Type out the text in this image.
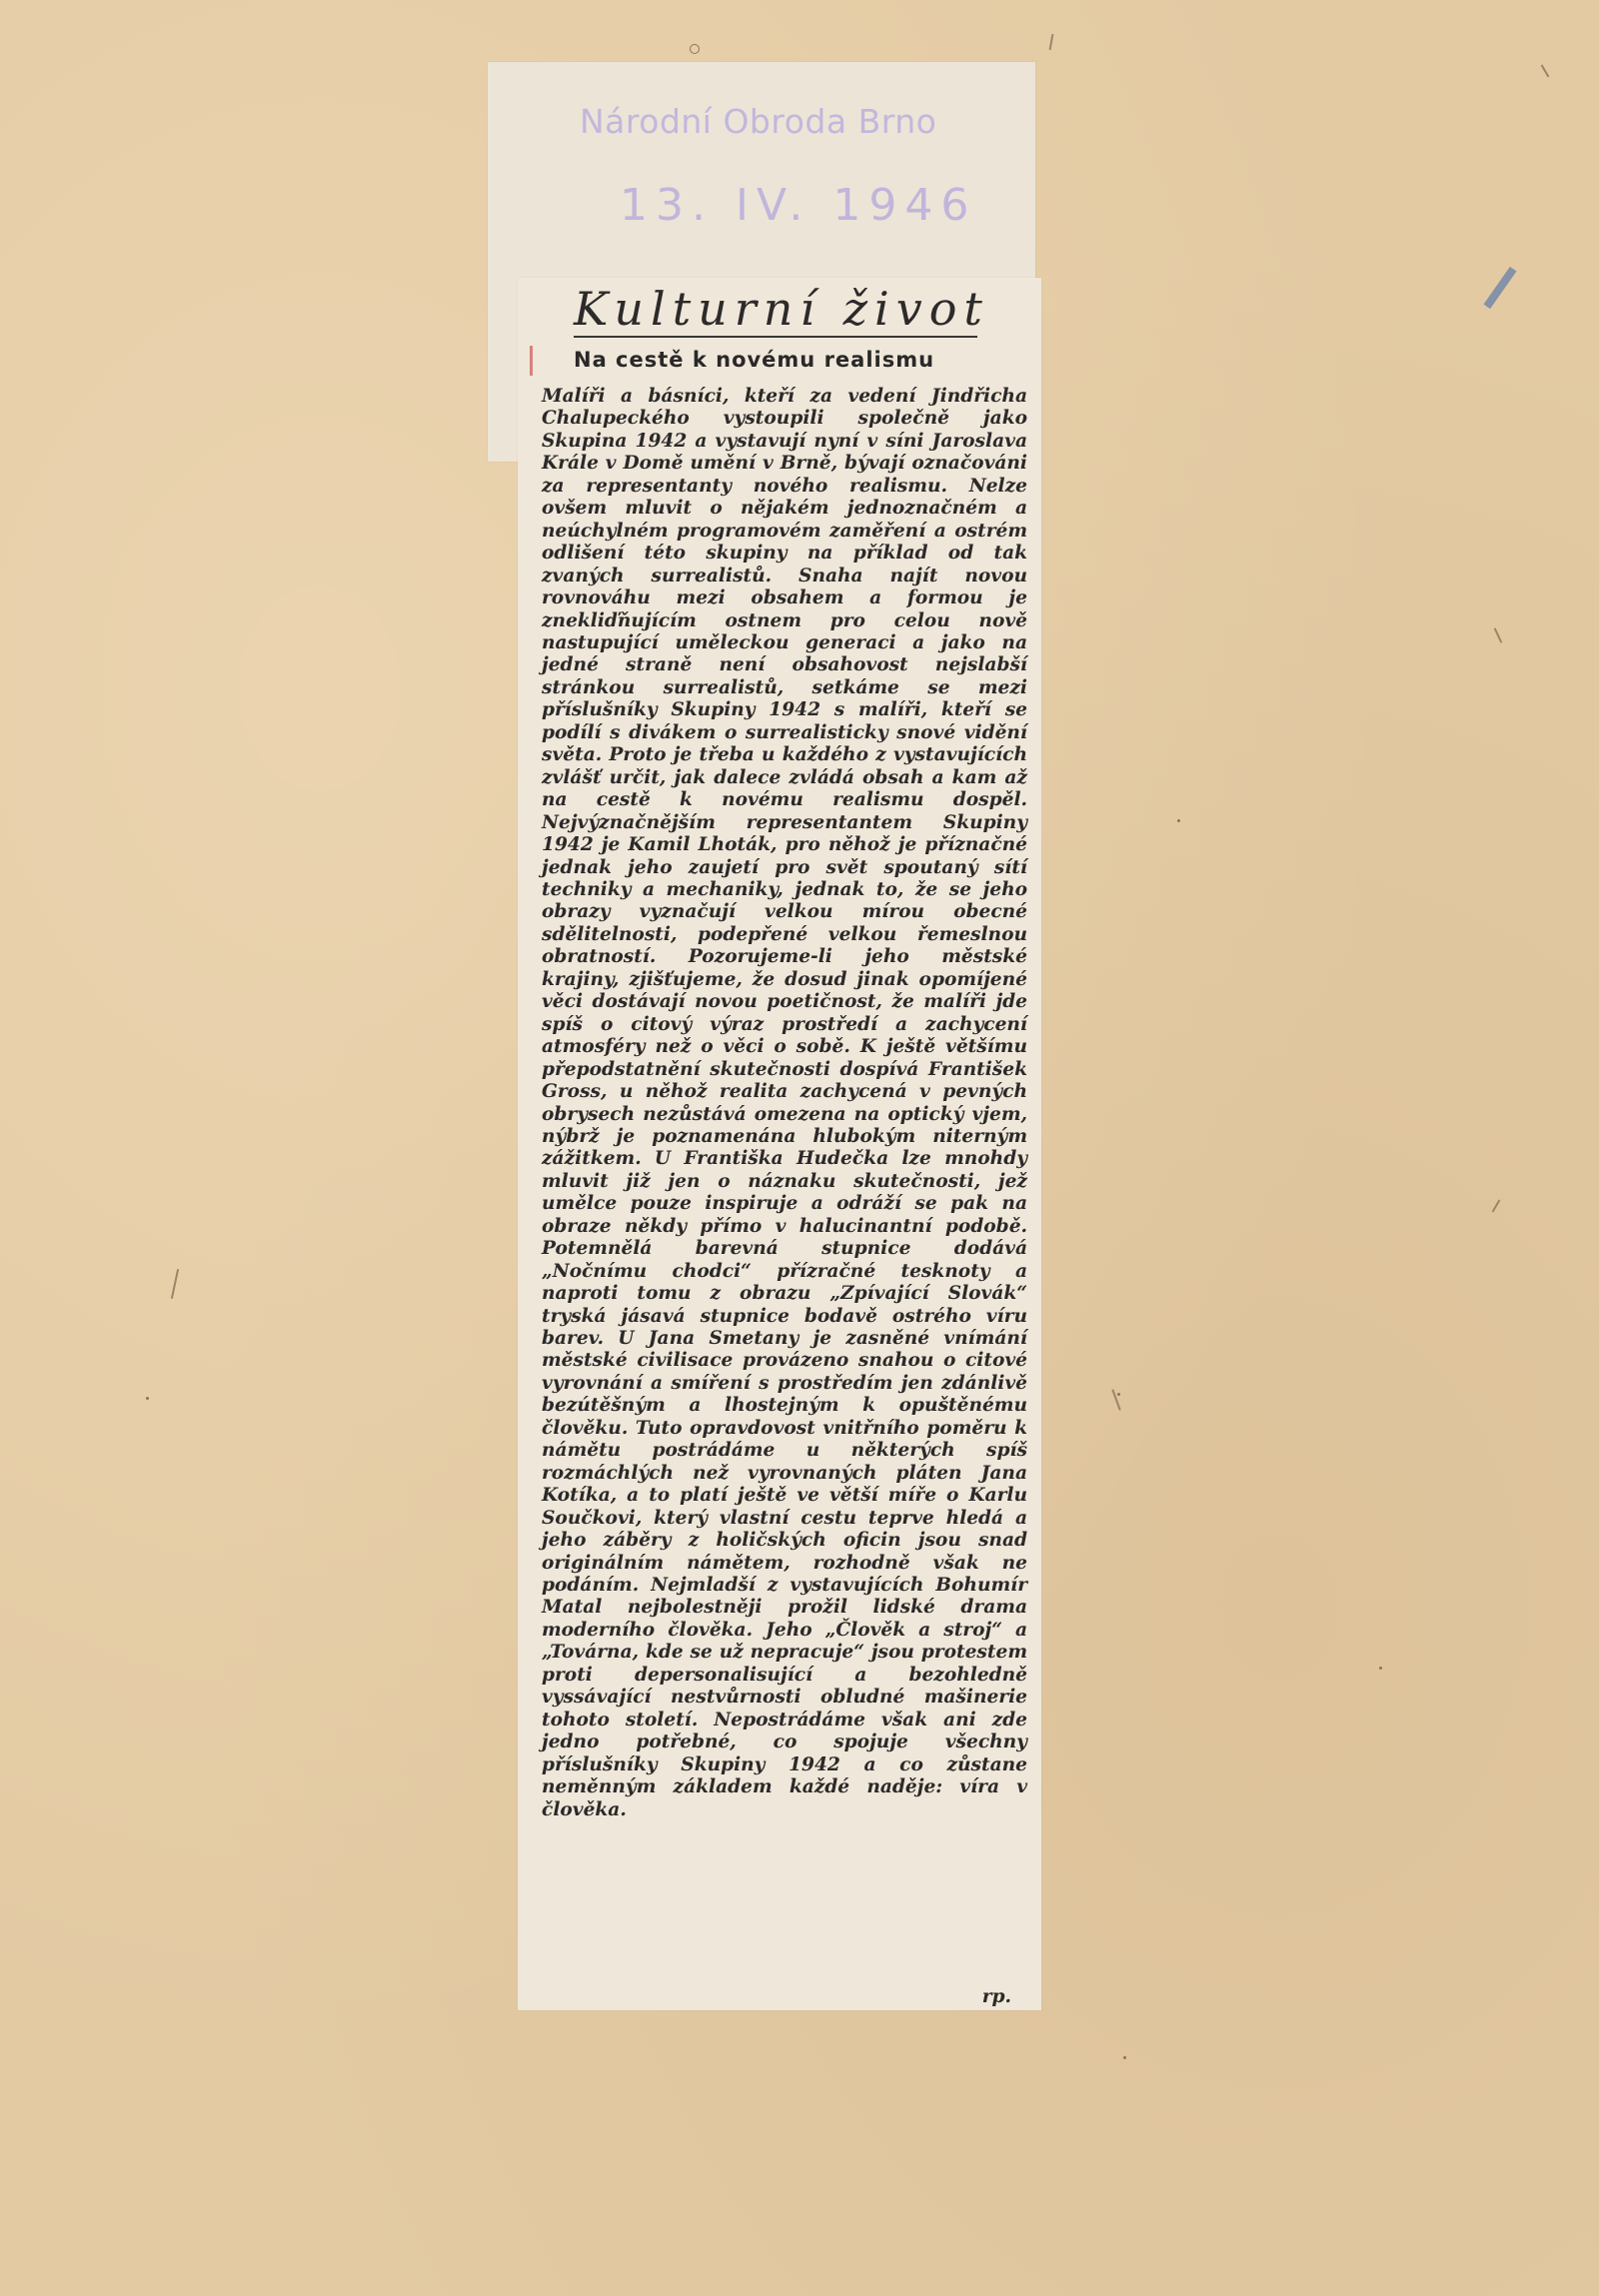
Národní Obroda Brno
13. IV. 1946
Kulturní život
Na cestě k novému realismu

Malíři a básníci, kteří za vedení Jindřicha Chalupeckého vystoupili společně jako Skupina 1942 a vystavují nyní v síni Jaroslava Krále v Domě umění v Brně, bývají označováni za representanty nového realismu. Nelze ovšem mluvit o nějakém jednoznačném a neúchylném programovém zaměření a ostrém odlišení této skupiny na příklad od tak zvaných surrealistů. Snaha najít novou rovnováhu mezi obsahem a formou je znekliďňujícím ostnem pro celou nově nastupující uměleckou generaci a jako na jedné straně není obsahovost nejslabší stránkou surrealistů, setkáme se mezi příslušníky Skupiny 1942 s malíři, kteří se podílí s divákem o surrealisticky snové vidění světa. Proto je třeba u každého z vystavujících zvlášť určit, jak dalece zvládá obsah a kam až na cestě k novému realismu dospěl. Nejvýznačnějším representantem Skupiny 1942 je Kamil Lhoták, pro něhož je příznačné jednak jeho zaujetí pro svět spoutaný sítí techniky a mechaniky, jednak to, že se jeho obrazy vyznačují velkou mírou obecné sdělitelnosti, podepřené velkou řemeslnou obratností. Pozorujeme-li jeho městské krajiny, zjišťujeme, že dosud jinak opomíjené věci dostávají novou poetičnost, že malíři jde spíš o citový výraz prostředí a zachycení atmosféry než o věci o sobě. K ještě většímu přepodstatnění skutečnosti dospívá František Gross, u něhož realita zachycená v pevných obrysech nezůstává omezena na optický vjem, nýbrž je poznamenána hlubokým niterným zážitkem. U Františka Hudečka lze mnohdy mluvit již jen o náznaku skutečnosti, jež umělce pouze inspiruje a odráží se pak na obraze někdy přímo v halucinantní podobě. Potemnělá barevná stupnice dodává „Nočnímu chodci“ přízračné tesknoty a naproti tomu z obrazu „Zpívající Slovák“ tryská jásavá stupnice bodavě ostrého víru barev. U Jana Smetany je zasněné vnímání městské civilisace provázeno snahou o citové vyrovnání a smíření s prostředím jen zdánlivě bezútěšným a lhostejným k opuštěnému člověku. Tuto opravdovost vnitřního poměru k námětu postrádáme u některých spíš rozmáchlých než vyrovnaných pláten Jana Kotíka, a to platí ještě ve větší míře o Karlu Součkovi, který vlastní cestu teprve hledá a jeho záběry z holičských oficin jsou snad originálním námětem, rozhodně však ne podáním. Nejmladší z vystavujících Bohumír Matal nejbolestněji prožil lidské drama moderního člověka. Jeho „Člověk a stroj“ a „Továrna, kde se už nepracuje“ jsou protestem proti depersonalisující a bezohledně vyssávající nestvůrnosti obludné mašinerie tohoto století. Nepostrádáme však ani zde jedno potřebné, co spojuje všechny příslušníky Skupiny 1942 a co zůstane neměnným základem každé naděje: víra v člověka.

rp.
